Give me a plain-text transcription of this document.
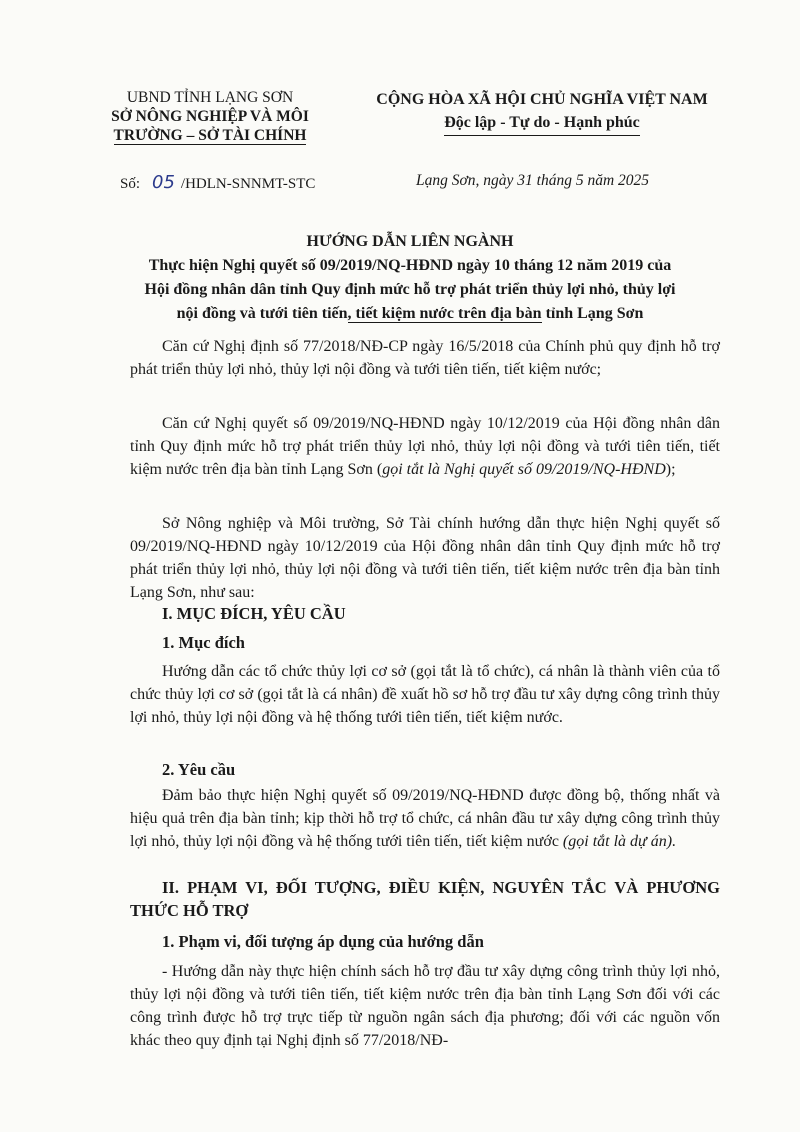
UBND TỈNH LẠNG SƠN
SỞ NÔNG NGHIỆP VÀ MÔI
TRƯỜNG – SỞ TÀI CHÍNH
CỘNG HÒA XÃ HỘI CHỦ NGHĨA VIỆT NAM
Độc lập - Tự do - Hạnh phúc
Số: 05 /HDLN-SNNMT-STC	Lạng Sơn, ngày 31 tháng 5 năm 2025
HƯỚNG DẪN LIÊN NGÀNH
Thực hiện Nghị quyết số 09/2019/NQ-HĐND ngày 10 tháng 12 năm 2019 của
Hội đồng nhân dân tỉnh Quy định mức hỗ trợ phát triển thủy lợi nhỏ, thủy lợi
nội đồng và tưới tiên tiến, tiết kiệm nước trên địa bàn tỉnh Lạng Sơn
Căn cứ Nghị định số 77/2018/NĐ-CP ngày 16/5/2018 của Chính phủ quy định hỗ trợ phát triển thủy lợi nhỏ, thủy lợi nội đồng và tưới tiên tiến, tiết kiệm nước;
Căn cứ Nghị quyết số 09/2019/NQ-HĐND ngày 10/12/2019 của Hội đồng nhân dân tỉnh Quy định mức hỗ trợ phát triển thủy lợi nhỏ, thủy lợi nội đồng và tưới tiên tiến, tiết kiệm nước trên địa bàn tỉnh Lạng Sơn (gọi tắt là Nghị quyết số 09/2019/NQ-HĐND);
Sở Nông nghiệp và Môi trường, Sở Tài chính hướng dẫn thực hiện Nghị quyết số 09/2019/NQ-HĐND ngày 10/12/2019 của Hội đồng nhân dân tỉnh Quy định mức hỗ trợ phát triển thủy lợi nhỏ, thủy lợi nội đồng và tưới tiên tiến, tiết kiệm nước trên địa bàn tỉnh Lạng Sơn, như sau:
I. MỤC ĐÍCH, YÊU CẦU
1. Mục đích
Hướng dẫn các tổ chức thủy lợi cơ sở (gọi tắt là tổ chức), cá nhân là thành viên của tổ chức thủy lợi cơ sở (gọi tắt là cá nhân) đề xuất hồ sơ hỗ trợ đầu tư xây dựng công trình thủy lợi nhỏ, thủy lợi nội đồng và hệ thống tưới tiên tiến, tiết kiệm nước.
2. Yêu cầu
Đảm bảo thực hiện Nghị quyết số 09/2019/NQ-HĐND được đồng bộ, thống nhất và hiệu quả trên địa bàn tỉnh; kịp thời hỗ trợ tổ chức, cá nhân đầu tư xây dựng công trình thủy lợi nhỏ, thủy lợi nội đồng và hệ thống tưới tiên tiến, tiết kiệm nước (gọi tắt là dự án).
II. PHẠM VI, ĐỐI TƯỢNG, ĐIỀU KIỆN, NGUYÊN TẮC VÀ PHƯƠNG THỨC HỖ TRỢ
1. Phạm vi, đối tượng áp dụng của hướng dẫn
- Hướng dẫn này thực hiện chính sách hỗ trợ đầu tư xây dựng công trình thủy lợi nhỏ, thủy lợi nội đồng và tưới tiên tiến, tiết kiệm nước trên địa bàn tỉnh Lạng Sơn đối với các công trình được hỗ trợ trực tiếp từ nguồn ngân sách địa phương; đối với các nguồn vốn khác theo quy định tại Nghị định số 77/2018/NĐ-
